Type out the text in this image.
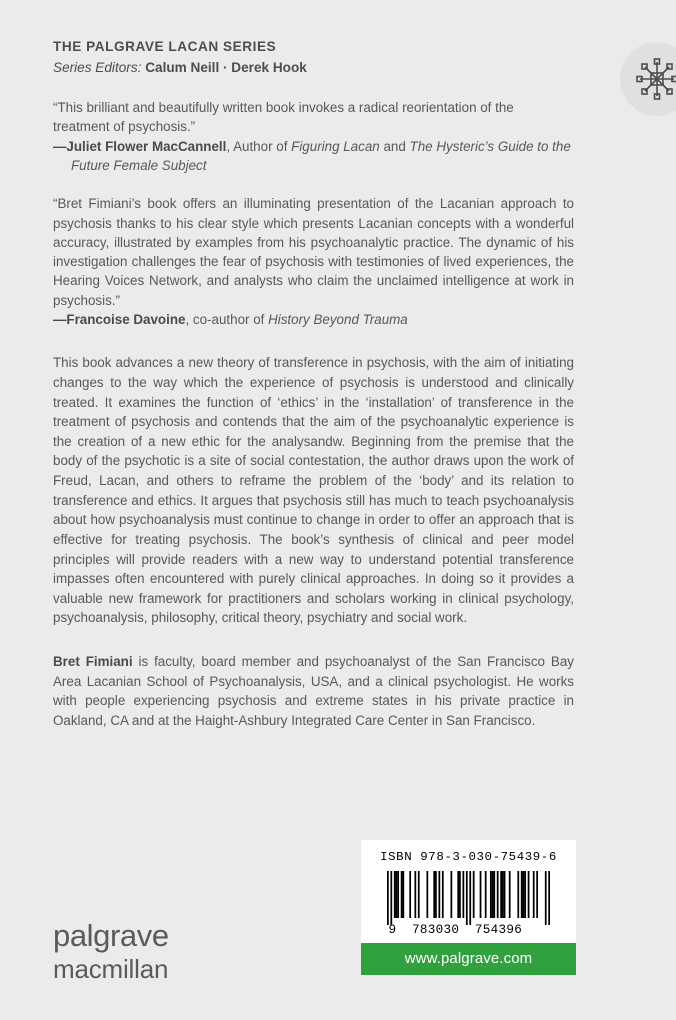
THE PALGRAVE LACAN SERIES

Series Editors: Calum Neill · Derek Hook

“This brilliant and beautifully written book invokes a radical reorientation of the treatment of psychosis.”

—Juliet Flower MacCannell, Author of Figuring Lacan and The Hysteric’s Guide to the Future Female Subject

“Bret Fimiani’s book offers an illuminating presentation of the Lacanian approach to psychosis thanks to his clear style which presents Lacanian concepts with a wonderful accuracy, illustrated by examples from his psychoanalytic practice. The dynamic of his investigation challenges the fear of psychosis with testimonies of lived experiences, the Hearing Voices Network, and analysts who claim the unclaimed intelligence at work in psychosis.”

—Francoise Davoine, co-author of History Beyond Trauma

This book advances a new theory of transference in psychosis, with the aim of initiating changes to the way which the experience of psychosis is understood and clinically treated. It examines the function of ‘ethics’ in the ‘installation’ of transference in the treatment of psychosis and contends that the aim of the psychoanalytic experience is the creation of a new ethic for the analysandw. Beginning from the premise that the body of the psychotic is a site of social contestation, the author draws upon the work of Freud, Lacan, and others to reframe the problem of the ‘body’ and its relation to transference and ethics. It argues that psychosis still has much to teach psychoanalysis about how psychoanalysis must continue to change in order to offer an approach that is effective for treating psychosis. The book’s synthesis of clinical and peer model principles will provide readers with a new way to understand potential transference impasses often encountered with purely clinical approaches. In doing so it provides a valuable new framework for practitioners and scholars working in clinical psychology, psychoanalysis, philosophy, critical theory, psychiatry and social work.

Bret Fimiani is faculty, board member and psychoanalyst of the San Francisco Bay Area Lacanian School of Psychoanalysis, USA, and a clinical psychologist. He works with people experiencing psychosis and extreme states in his private practice in Oakland, CA and at the Haight-Ashbury Integrated Care Center in San Francisco.

palgrave
macmillan
ISBN 978-3-030-75439-6
9  783030  754396
www.palgrave.com
